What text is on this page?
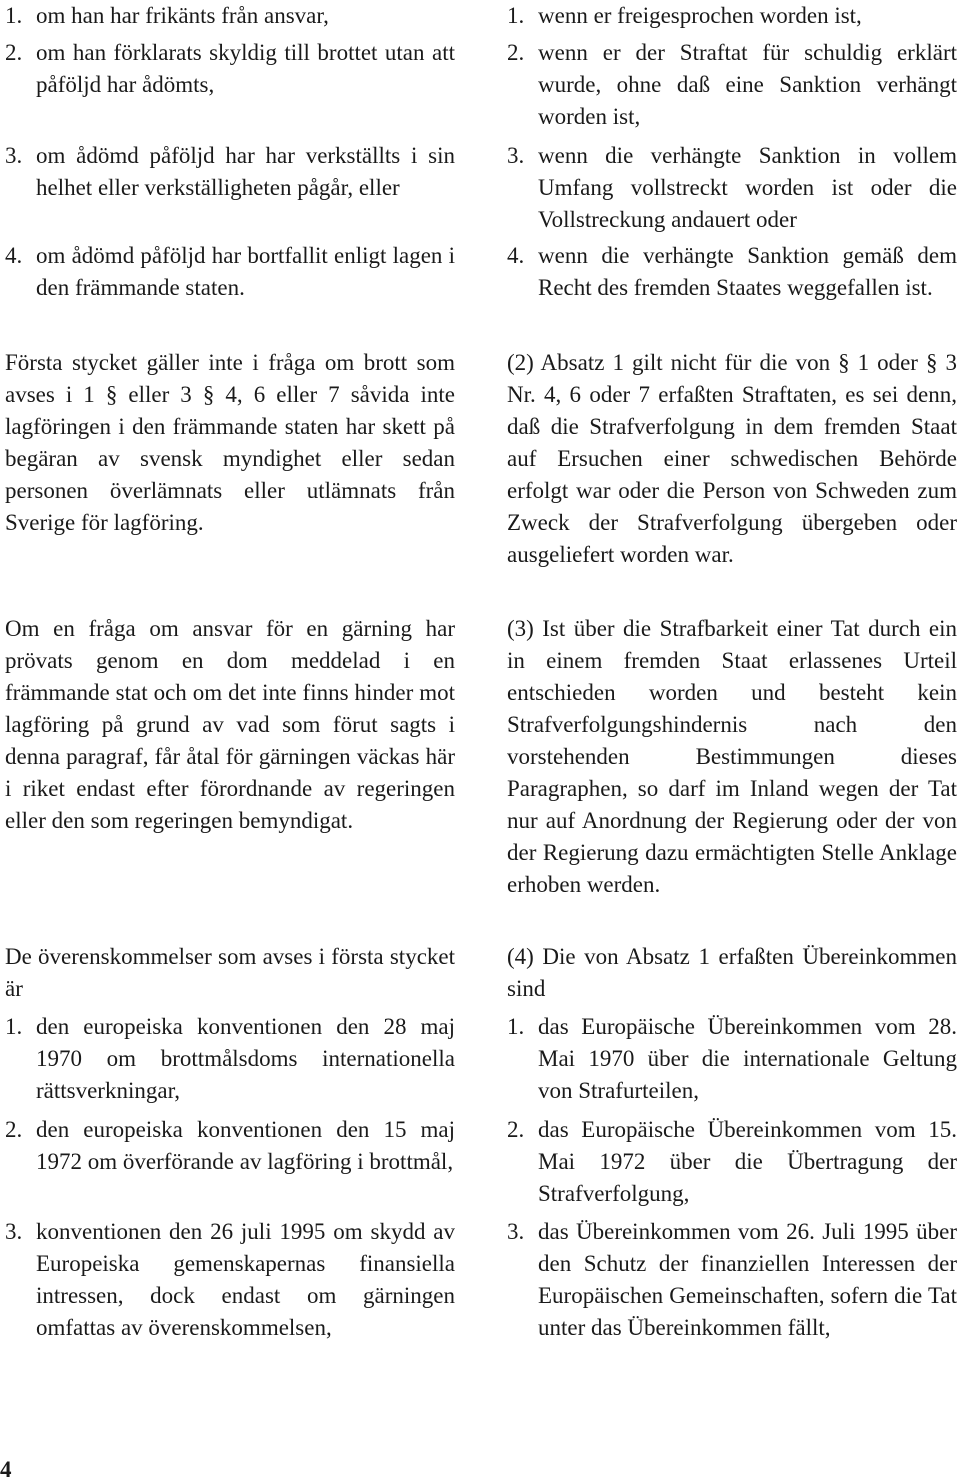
1. om han har frikänts från ansvar,
2. om han förklarats skyldig till brottet utan att påföljd har ådömts,
3. om ådömd påföljd har har verkställts i sin helhet eller verkställigheten pågår, eller
4. om ådömd påföljd har bortfallit enligt lagen i den främmande staten.

Första stycket gäller inte i fråga om brott som avses i 1 § eller 3 § 4, 6 eller 7 såvida inte lagföringen i den främmande staten har skett på begäran av svensk myndighet eller sedan personen överlämnats eller utlämnats från Sverige för lagföring.

Om en fråga om ansvar för en gärning har prövats genom en dom meddelad i en främmande stat och om det inte finns hinder mot lagföring på grund av vad som förut sagts i denna paragraf, får åtal för gärningen väckas här i riket endast efter förordnande av regeringen eller den som regeringen bemyndigat.

De överenskommelser som avses i första stycket är

1. den europeiska konventionen den 28 maj 1970 om brottmålsdoms internationella rättsverkningar,
2. den europeiska konventionen den 15 maj 1972 om överförande av lagföring i brottmål,
3. konventionen den 26 juli 1995 om skydd av Europeiska gemenskapernas finansiella intressen, dock endast om gärningen omfattas av överenskommelsen,
1. wenn er freigesprochen worden ist,
2. wenn er der Straftat für schuldig erklärt wurde, ohne daß eine Sanktion verhängt worden ist,
3. wenn die verhängte Sanktion in vollem Umfang vollstreckt worden ist oder die Vollstreckung andauert oder
4. wenn die verhängte Sanktion gemäß dem Recht des fremden Staates weggefallen ist.

(2) Absatz 1 gilt nicht für die von § 1 oder § 3 Nr. 4, 6 oder 7 erfaßten Straftaten, es sei denn, daß die Strafverfolgung in dem fremden Staat auf Ersuchen einer schwedischen Behörde erfolgt war oder die Person von Schweden zum Zweck der Strafverfolgung übergeben oder ausgeliefert worden war.

(3) Ist über die Strafbarkeit einer Tat durch ein in einem fremden Staat erlassenes Urteil entschieden worden und besteht kein Strafverfolgungshindernis nach den vorstehenden Bestimmungen dieses Paragraphen, so darf im Inland wegen der Tat nur auf Anordnung der Regierung oder der von der Regierung dazu ermächtigten Stelle Anklage erhoben werden.

(4) Die von Absatz 1 erfaßten Übereinkommen sind

1. das Europäische Übereinkommen vom 28. Mai 1970 über die internationale Geltung von Strafurteilen,
2. das Europäische Übereinkommen vom 15. Mai 1972 über die Übertragung der Strafverfolgung,
3. das Übereinkommen vom 26. Juli 1995 über den Schutz der finanziellen Interessen der Europäischen Gemeinschaften, sofern die Tat unter das Übereinkommen fällt,
4
